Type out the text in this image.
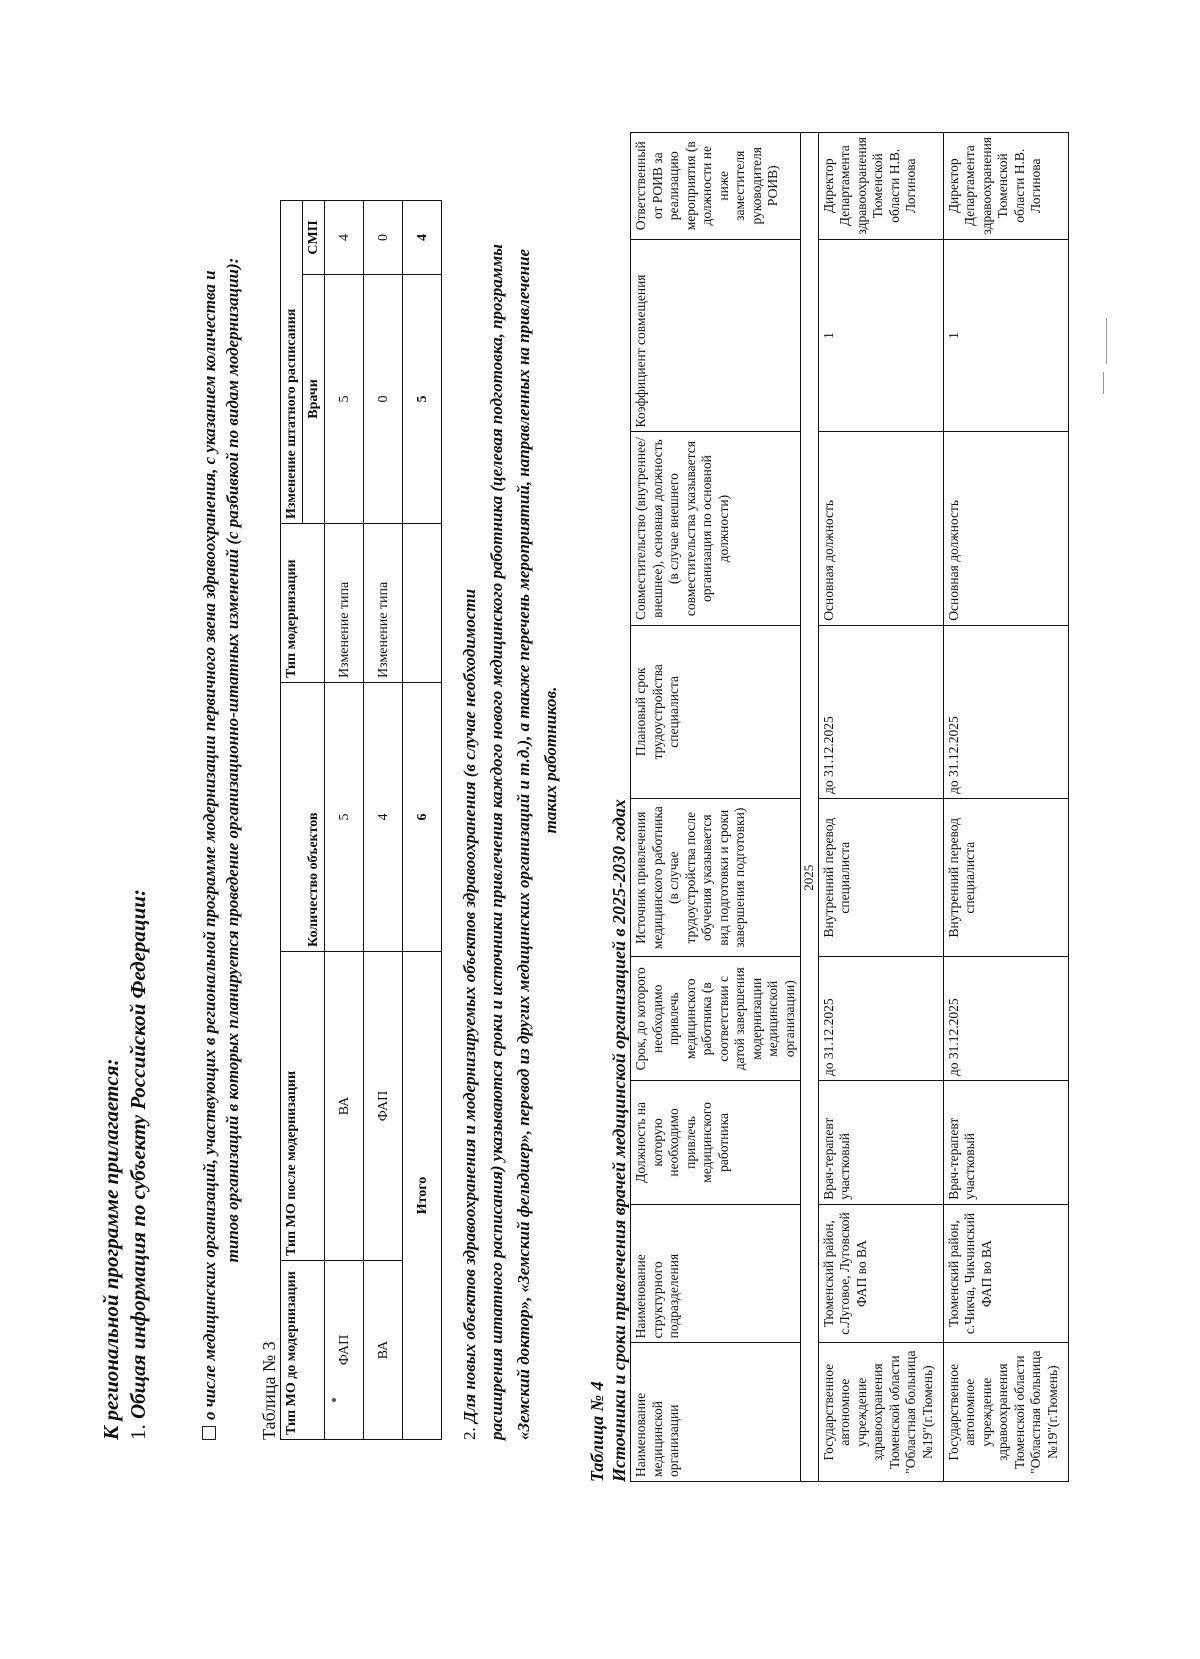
К региональной программе прилагается: 1. Общая информация по субъекту Российской Федерации:	о числе медицинских организаций, участвующих в региональной программе модернизации первичного звена здравоохранения, с указанием количества и типов организаций в которых планируется проведение организационно-штатных изменений (с разбивкой по видам модернизации):

Таблица № 3 Тип МО до модернизации	Тип МО после модернизации	Количество объектов	Тип модернизации	Изменение штатного расписания	
				Врачи	СМП
ФАП	ВА	5	Изменение типа	5	4
ВА	ФАП	4	Изменение типа	0	0
Итого		6		5	4

2. Для новых объектов здравоохранения и модернизируемых объектов здравоохранения (в случае необходимости расширения штатного расписания) указываются сроки и источники привлечения каждого нового медицинского работника (целевая подготовка, программы «Земский доктор», «Земский фельдшер», перевод из других медицинских организаций и т.д.), а также перечень мероприятий, направленных на привлечение таких работников.

Таблица № 4 Источники и сроки привлечения врачей медицинской организацией в 2025-2030 годах Наименование медицинской организации	Наименование структурного подразделения	Должность на которую необходимо привлечь медицинского работника	Срок, до которого необходимо привлечь медицинского работника (в соответствии с датой завершения модернизации медицинской организации)	Источник привлечения медицинского работника (в случае трудоустройства после обучения указывается вид подготовки и сроки завершения подготовки)	Плановый срок трудоустройства специалиста	Совместительство (внутреннее/внешнее), основная должность (в случае внешнего совместительства указывается организация по основной должности)	Коэффициент совмещения	Ответственный от РОИВ за реализацию мероприятия (в должности не ниже заместителя руководителя РОИВ)
				2025				
Государственное автономное учреждение здравоохранения Тюменской области "Областная больница №19"(г.Тюмень)	Тюменский район, с.Луговое, Луговской ФАП во ВА	Врач-терапевт участковый	до 31.12.2025	Внутренний перевод специалиста	до 31.12.2025	Основная должность	1	Директор Департамента здравоохранения Тюменской области Н.В. Логинова
Государственное автономное учреждение здравоохранения Тюменской области "Областная больница №19"(г.Тюмень)	Тюменский район, с.Чикча, Чикчинский ФАП во ВА	Врач-терапевт участковый	до 31.12.2025	Внутренний перевод специалиста	до 31.12.2025	Основная должность	1	Директор Департамента здравоохранения Тюменской области Н.В. Логинова
